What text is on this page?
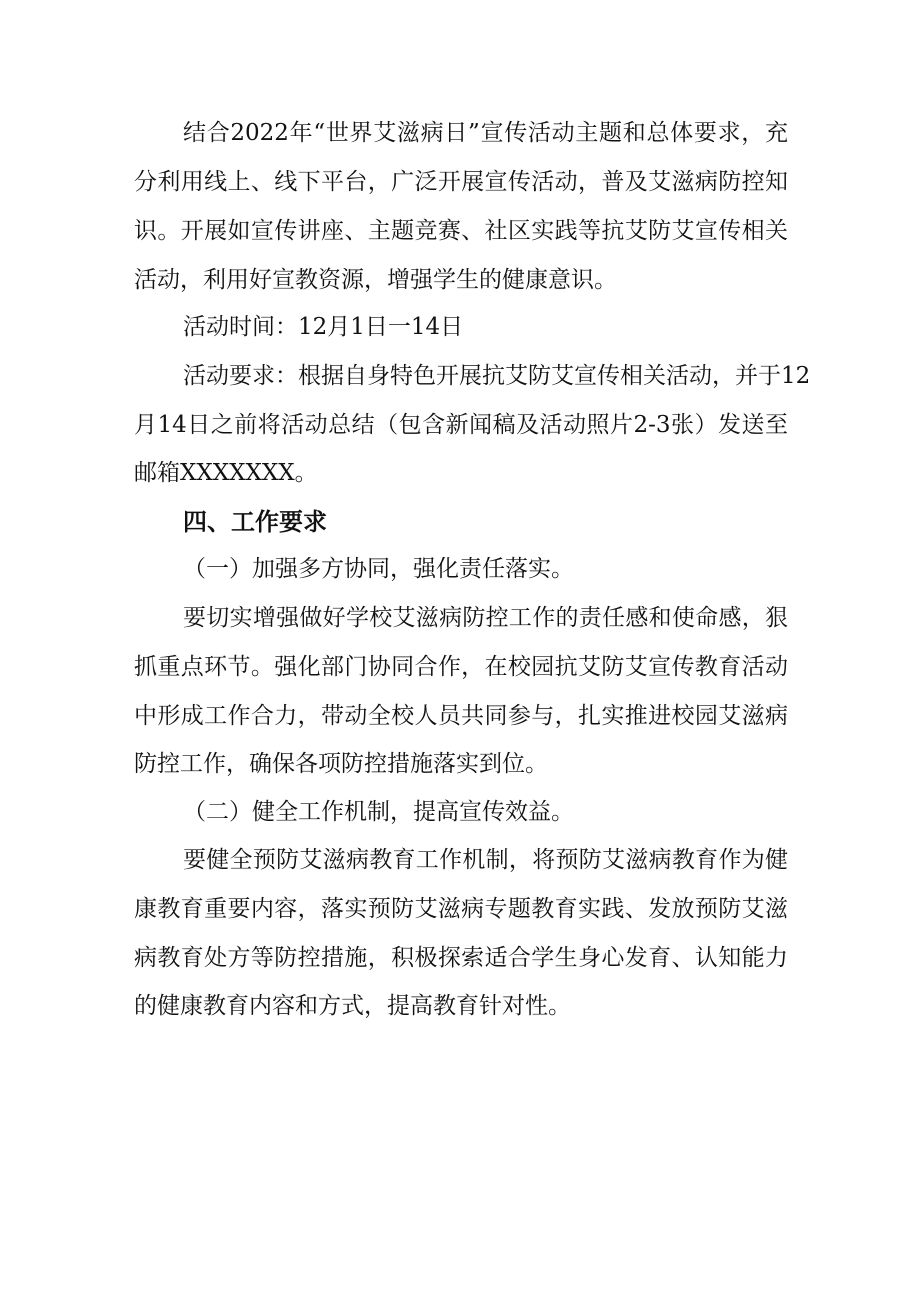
结合2022年“世界艾滋病日”宣传活动主题和总体要求，充
分利用线上、线下平台，广泛开展宣传活动，普及艾滋病防控知
识。开展如宣传讲座、主题竞赛、社区实践等抗艾防艾宣传相关
活动，利用好宣教资源，增强学生的健康意识。
活动时间：12月1日一14日
活动要求：根据自身特色开展抗艾防艾宣传相关活动，并于12
月14日之前将活动总结（包含新闻稿及活动照片2-3张）发送至
邮箱XXXXXXX。
四、工作要求
（一）加强多方协同，强化责任落实。
要切实增强做好学校艾滋病防控工作的责任感和使命感，狠
抓重点环节。强化部门协同合作，在校园抗艾防艾宣传教育活动
中形成工作合力，带动全校人员共同参与，扎实推进校园艾滋病
防控工作，确保各项防控措施落实到位。
（二）健全工作机制，提高宣传效益。
要健全预防艾滋病教育工作机制，将预防艾滋病教育作为健
康教育重要内容，落实预防艾滋病专题教育实践、发放预防艾滋
病教育处方等防控措施，积极探索适合学生身心发育、认知能力
的健康教育内容和方式，提高教育针对性。
